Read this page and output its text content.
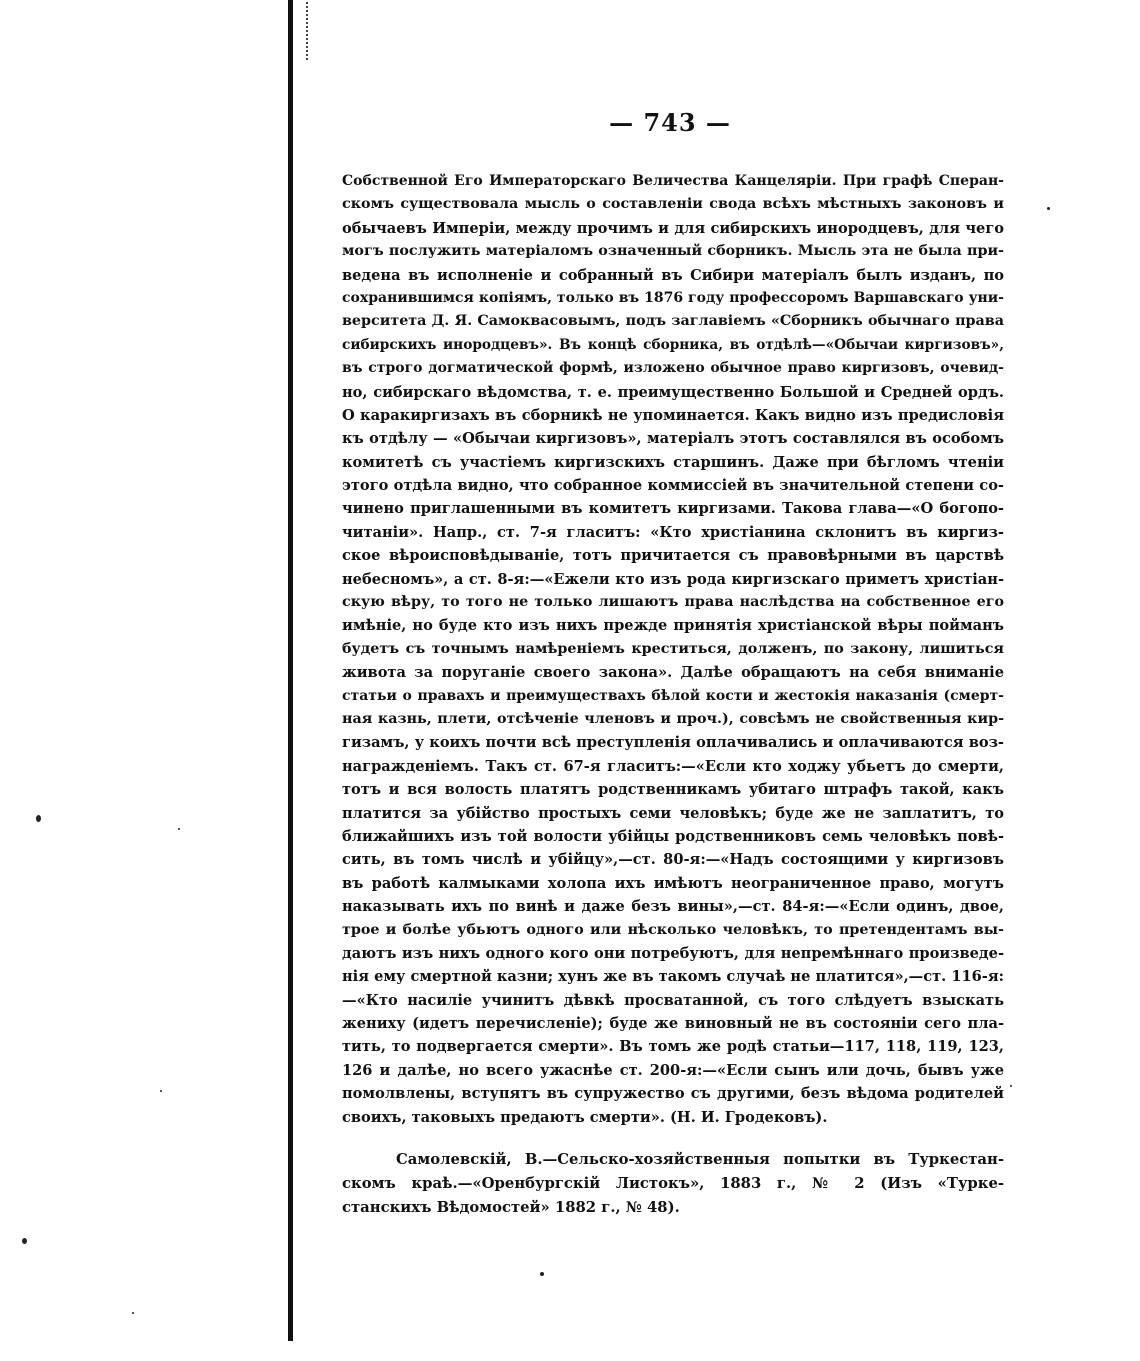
— 743 —
Собственной Его Императорскаго Величества Канцеляріи. При графѣ Сперан-
скомъ существовала мысль о составленіи свода всѣхъ мѣстныхъ законовъ и
обычаевъ Имперіи, между прочимъ и для сибирскихъ инородцевъ, для чего
могъ послужить матеріаломъ означенный сборникъ. Мысль эта не была при-
ведена въ исполненіе и собранный въ Сибири матеріалъ былъ изданъ, по
сохранившимся копіямъ, только въ 1876 году профессоромъ Варшавскаго уни-
верситета Д. Я. Самоквасовымъ, подъ заглавіемъ «Сборникъ обычнаго права
сибирскихъ инородцевъ». Въ концѣ сборника, въ отдѣлѣ—«Обычаи киргизовъ»,
въ строго догматической формѣ, изложено обычное право киргизовъ, очевид-
но, сибирскаго вѣдомства, т. е. преимущественно Большой и Средней ордъ.
О каракиргизахъ въ сборникѣ не упоминается. Какъ видно изъ предисловія
къ отдѣлу — «Обычаи киргизовъ», матеріалъ этотъ составлялся въ особомъ
комитетѣ съ участіемъ киргизскихъ старшинъ. Даже при бѣгломъ чтеніи
этого отдѣла видно, что собранное коммиссіей въ значительной степени со-
чинено приглашенными въ комитетъ киргизами. Такова глава—«О богопо-
читаніи». Напр., ст. 7-я гласитъ: «Кто христіанина склонитъ въ киргиз-
ское вѣроисповѣдываніе, тотъ причитается съ правовѣрными въ царствѣ
небесномъ», а ст. 8-я:—«Ежели кто изъ рода киргизскаго приметъ христіан-
скую вѣру, то того не только лишаютъ права наслѣдства на собственное его
имѣніе, но буде кто изъ нихъ прежде принятія христіанской вѣры пойманъ
будетъ съ точнымъ намѣреніемъ креститься, долженъ, по закону, лишиться
живота за поруганіе своего закона». Далѣе обращаютъ на себя вниманіе
статьи о правахъ и преимуществахъ бѣлой кости и жестокія наказанія (смерт-
ная казнь, плети, отсѣченіе членовъ и проч.), совсѣмъ не свойственныя кир-
гизамъ, у коихъ почти всѣ преступленія оплачивались и оплачиваются воз-
награжденіемъ. Такъ ст. 67-я гласитъ:—«Если кто ходжу убьетъ до смерти,
тотъ и вся волость платятъ родственникамъ убитаго штрафъ такой, какъ
платится за убійство простыхъ семи человѣкъ; буде же не заплатитъ, то
ближайшихъ изъ той волости убійцы родственниковъ семь человѣкъ повѣ-
сить, въ томъ числѣ и убійцу»,—ст. 80-я:—«Надъ состоящими у киргизовъ
въ работѣ калмыками холопа ихъ имѣютъ неограниченное право, могутъ
наказывать ихъ по винѣ и даже безъ вины»,—ст. 84-я:—«Если одинъ, двое,
трое и болѣе убьютъ одного или нѣсколько человѣкъ, то претендентамъ вы-
даютъ изъ нихъ одного кого они потребуютъ, для непремѣннаго произведе-
нія ему смертной казни; хунъ же въ такомъ случаѣ не платится»,—ст. 116-я:
—«Кто насиліе учинитъ дѣвкѣ просватанной, съ того слѣдуетъ взыскать
жениху (идетъ перечисленіе); буде же виновный не въ состояніи сего пла-
тить, то подвергается смерти». Въ томъ же родѣ статьи—117, 118, 119, 123,
126 и далѣе, но всего ужаснѣе ст. 200-я:—«Если сынъ или дочь, бывъ уже
помолвлены, вступятъ въ супружество съ другими, безъ вѣдома родителей
своихъ, таковыхъ предаютъ смерти». (Н. И. Гродековъ).
Самолевскій, В.—Сельско-хозяйственныя попытки въ Туркестан-
скомъ краѣ.—«Оренбургскій Листокъ», 1883 г., № 2 (Изъ «Турке-
станскихъ Вѣдомостей» 1882 г., № 48).
